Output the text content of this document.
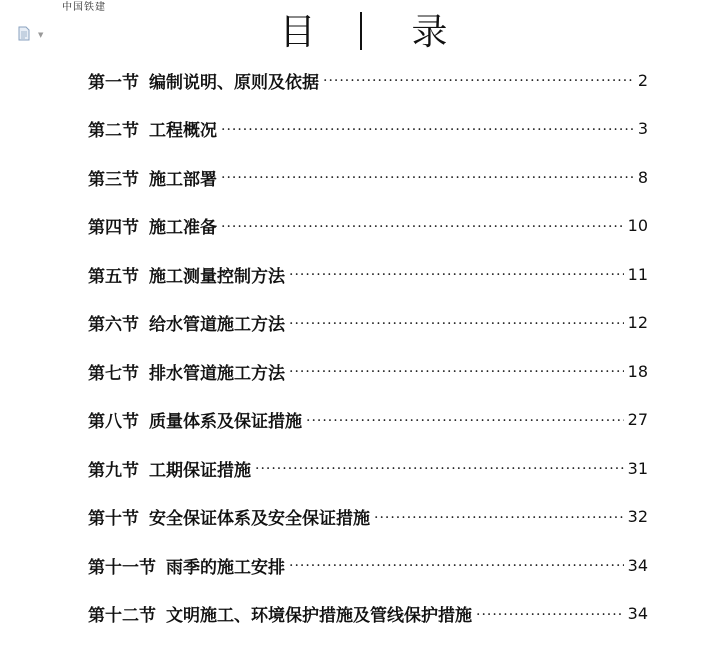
中国铁建
▼	目	录
第一节 编制说明、原则及依据 ·····	2
第二节 工程概况 ·····	3
第三节 施工部署 ·····	8
第四节 施工准备 ·····	10
第五节 施工测量控制方法 ·····	11
第六节 给水管道施工方法 ·····	12
第七节 排水管道施工方法 ·····	18
第八节 质量体系及保证措施 ·····	27
第九节 工期保证措施 ·····	31
第十节 安全保证体系及安全保证措施 ·····	32
第十一节 雨季的施工安排 ·····	34
第十二节 文明施工、环境保护措施及管线保护措施 ·····	34
